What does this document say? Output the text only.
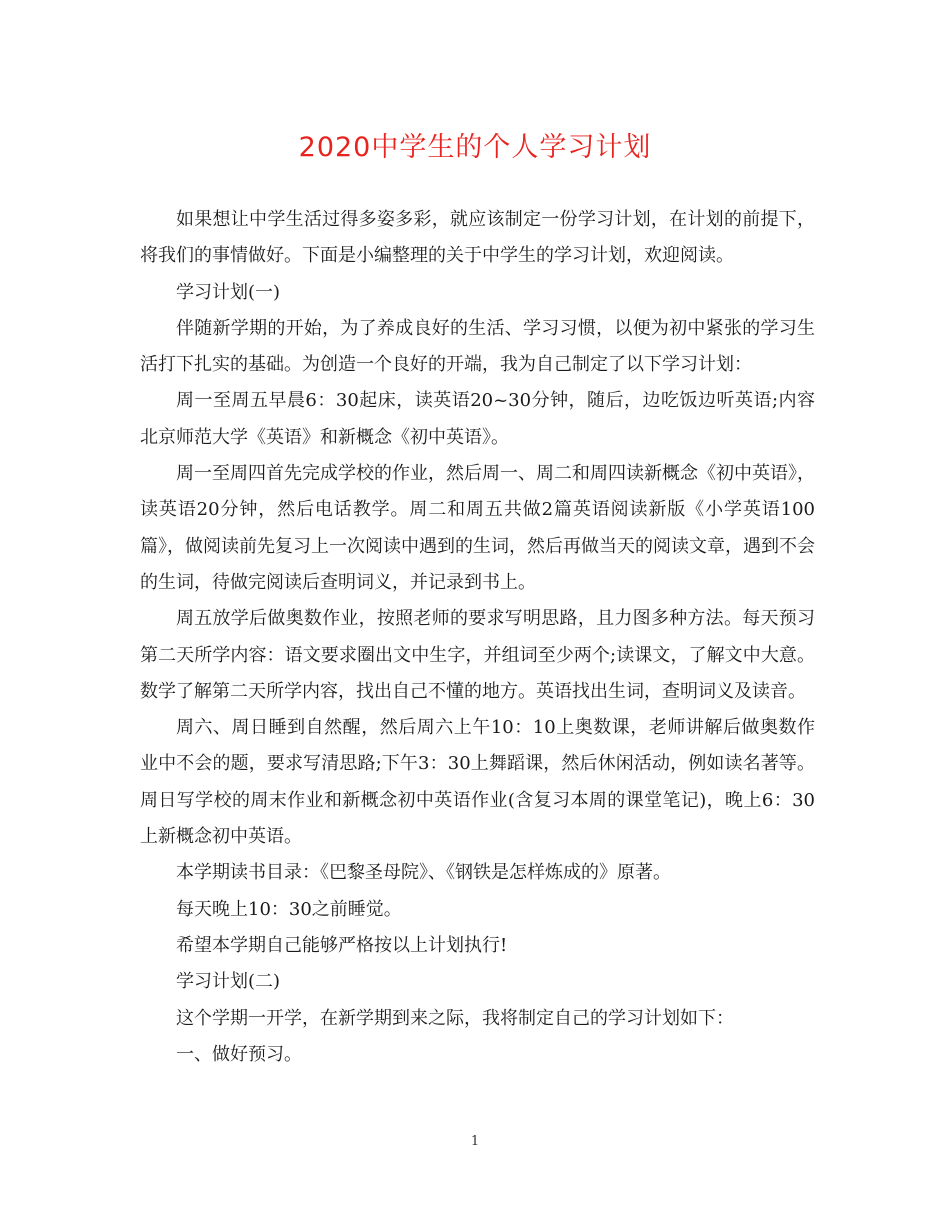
2020中学生的个人学习计划

如果想让中学生活过得多姿多彩，就应该制定一份学习计划，在计划的前提下，将我们的事情做好。下面是小编整理的关于中学生的学习计划，欢迎阅读。

学习计划(一)

伴随新学期的开始，为了养成良好的生活、学习习惯，以便为初中紧张的学习生活打下扎实的基础。为创造一个良好的开端，我为自己制定了以下学习计划：

周一至周五早晨6：30起床，读英语20~30分钟，随后，边吃饭边听英语;内容北京师范大学《英语》和新概念《初中英语》。

周一至周四首先完成学校的作业，然后周一、周二和周四读新概念《初中英语》，读英语20分钟，然后电话教学。周二和周五共做2篇英语阅读新版《小学英语100篇》，做阅读前先复习上一次阅读中遇到的生词，然后再做当天的阅读文章，遇到不会的生词，待做完阅读后查明词义，并记录到书上。

周五放学后做奥数作业，按照老师的要求写明思路，且力图多种方法。每天预习第二天所学内容：语文要求圈出文中生字，并组词至少两个;读课文，了解文中大意。数学了解第二天所学内容，找出自己不懂的地方。英语找出生词，查明词义及读音。

周六、周日睡到自然醒，然后周六上午10：10上奥数课，老师讲解后做奥数作业中不会的题，要求写清思路;下午3：30上舞蹈课，然后休闲活动，例如读名著等。周日写学校的周末作业和新概念初中英语作业(含复习本周的课堂笔记)，晚上6：30上新概念初中英语。

本学期读书目录：《巴黎圣母院》、《钢铁是怎样炼成的》原著。

每天晚上10：30之前睡觉。

希望本学期自己能够严格按以上计划执行!

学习计划(二)

这个学期一开学，在新学期到来之际，我将制定自己的学习计划如下：

一、做好预习。

1
